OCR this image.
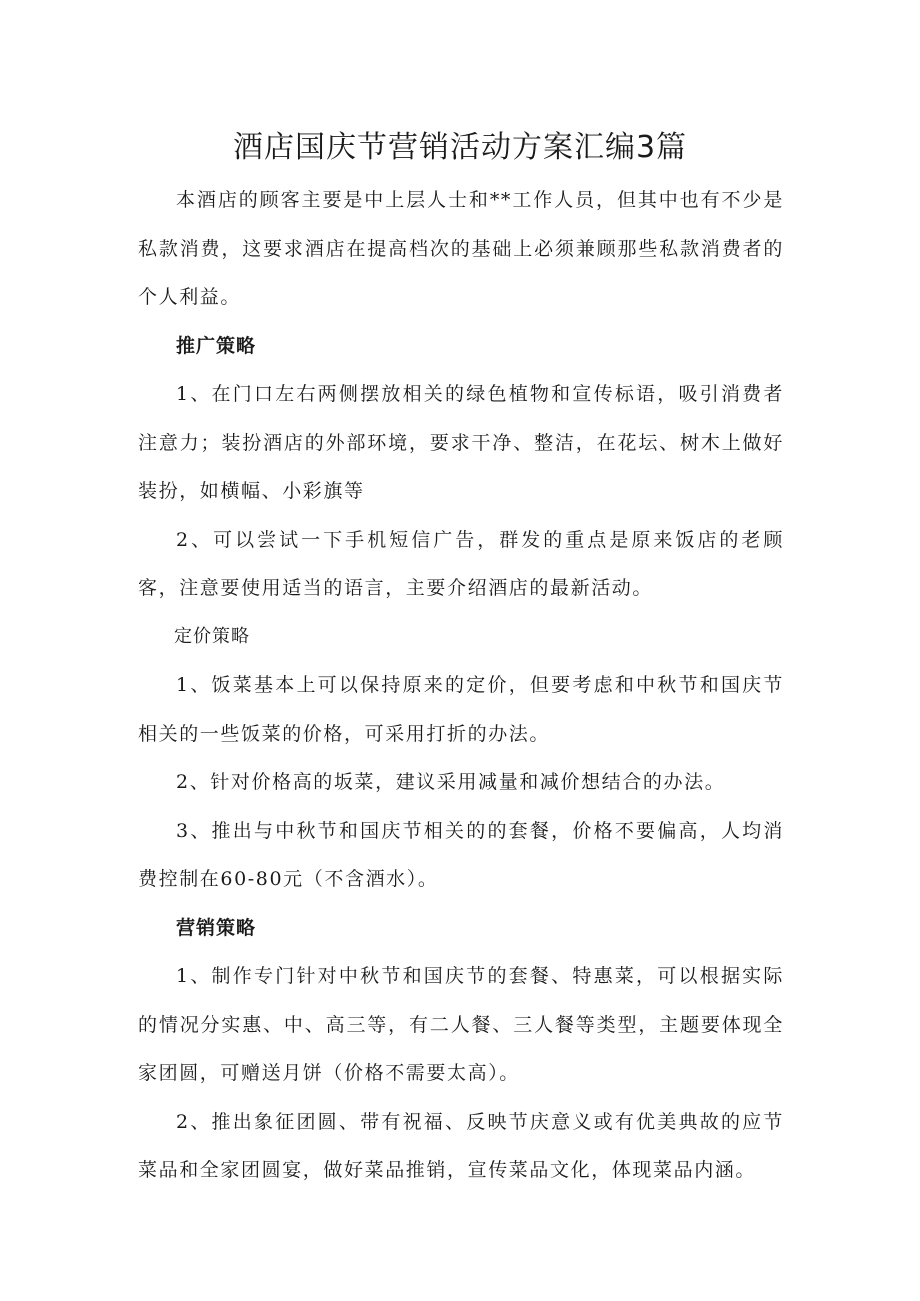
酒店国庆节营销活动方案汇编3篇

本酒店的顾客主要是中上层人士和**工作人员，但其中也有不少是私款消费，这要求酒店在提高档次的基础上必须兼顾那些私款消费者的个人利益。

推广策略

1、在门口左右两侧摆放相关的绿色植物和宣传标语，吸引消费者注意力；装扮酒店的外部环境，要求干净、整洁，在花坛、树木上做好装扮，如横幅、小彩旗等

2、可以尝试一下手机短信广告，群发的重点是原来饭店的老顾客，注意要使用适当的语言，主要介绍酒店的最新活动。

定价策略

1、饭菜基本上可以保持原来的定价，但要考虑和中秋节和国庆节相关的一些饭菜的价格，可采用打折的办法。

2、针对价格高的坂菜，建议采用减量和减价想结合的办法。

3、推出与中秋节和国庆节相关的的套餐，价格不要偏高，人均消费控制在60-80元（不含酒水）。

营销策略

1、制作专门针对中秋节和国庆节的套餐、特惠菜，可以根据实际的情况分实惠、中、高三等，有二人餐、三人餐等类型，主题要体现全家团圆，可赠送月饼（价格不需要太高）。

2、推出象征团圆、带有祝福、反映节庆意义或有优美典故的应节菜品和全家团圆宴，做好菜品推销，宣传菜品文化，体现菜品内涵。
